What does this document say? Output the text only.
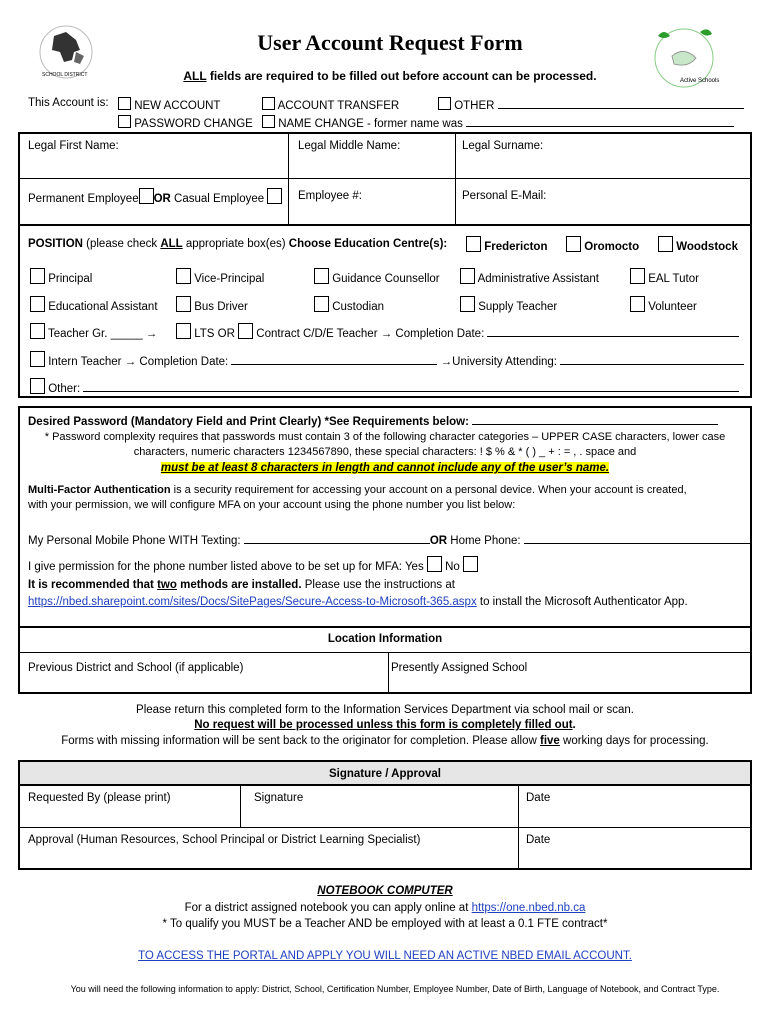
SCHOOL DISTRICT
Active Schools
User Account Request Form
ALL fields are required to be filled out before account can be processed.
This Account is:	NEW ACCOUNT	ACCOUNT TRANSFER	OTHER
PASSWORD CHANGE	NAME CHANGE - former name was
Legal First Name:	Legal Middle Name:	Legal Surname:
Permanent Employee OR Casual Employee	Employee #:	Personal E-Mail:
POSITION (please check ALL appropriate box(es) Choose Education Centre(s):	Fredericton	Oromocto	Woodstock
Principal	Vice-Principal	Guidance Counsellor	Administrative Assistant	EAL Tutor
Educational Assistant	Bus Driver	Custodian	Supply Teacher	Volunteer
Teacher Gr. _____ →	LTS OR Contract C/D/E Teacher → Completion Date:
Intern Teacher → Completion Date:	→University Attending:
Other:
Desired Password (Mandatory Field and Print Clearly) *See Requirements below:
* Password complexity requires that passwords must contain 3 of the following character categories – UPPER CASE characters, lower case
characters, numeric characters 1234567890, these special characters: ! $ % & * ( ) _ + : = , . space and
must be at least 8 characters in length and cannot include any of the user’s name.
Multi-Factor Authentication is a security requirement for accessing your account on a personal device. When your account is created,
with your permission, we will configure MFA on your account using the phone number you list below:
My Personal Mobile Phone WITH Texting:	OR Home Phone:
I give permission for the phone number listed above to be set up for MFA: Yes No
It is recommended that two methods are installed. Please use the instructions at
https://nbed.sharepoint.com/sites/Docs/SitePages/Secure-Access-to-Microsoft-365.aspx to install the Microsoft Authenticator App.
Location Information
Previous District and School (if applicable)	Presently Assigned School
Please return this completed form to the Information Services Department via school mail or scan.
No request will be processed unless this form is completely filled out.
Forms with missing information will be sent back to the originator for completion. Please allow five working days for processing.
Signature / Approval
Requested By (please print)	Signature	Date
Approval (Human Resources, School Principal or District Learning Specialist)	Date
NOTEBOOK COMPUTER
For a district assigned notebook you can apply online at https://one.nbed.nb.ca
* To qualify you MUST be a Teacher AND be employed with at least a 0.1 FTE contract*
TO ACCESS THE PORTAL AND APPLY YOU WILL NEED AN ACTIVE NBED EMAIL ACCOUNT.
You will need the following information to apply: District, School, Certification Number, Employee Number, Date of Birth, Language of Notebook, and Contract Type.
